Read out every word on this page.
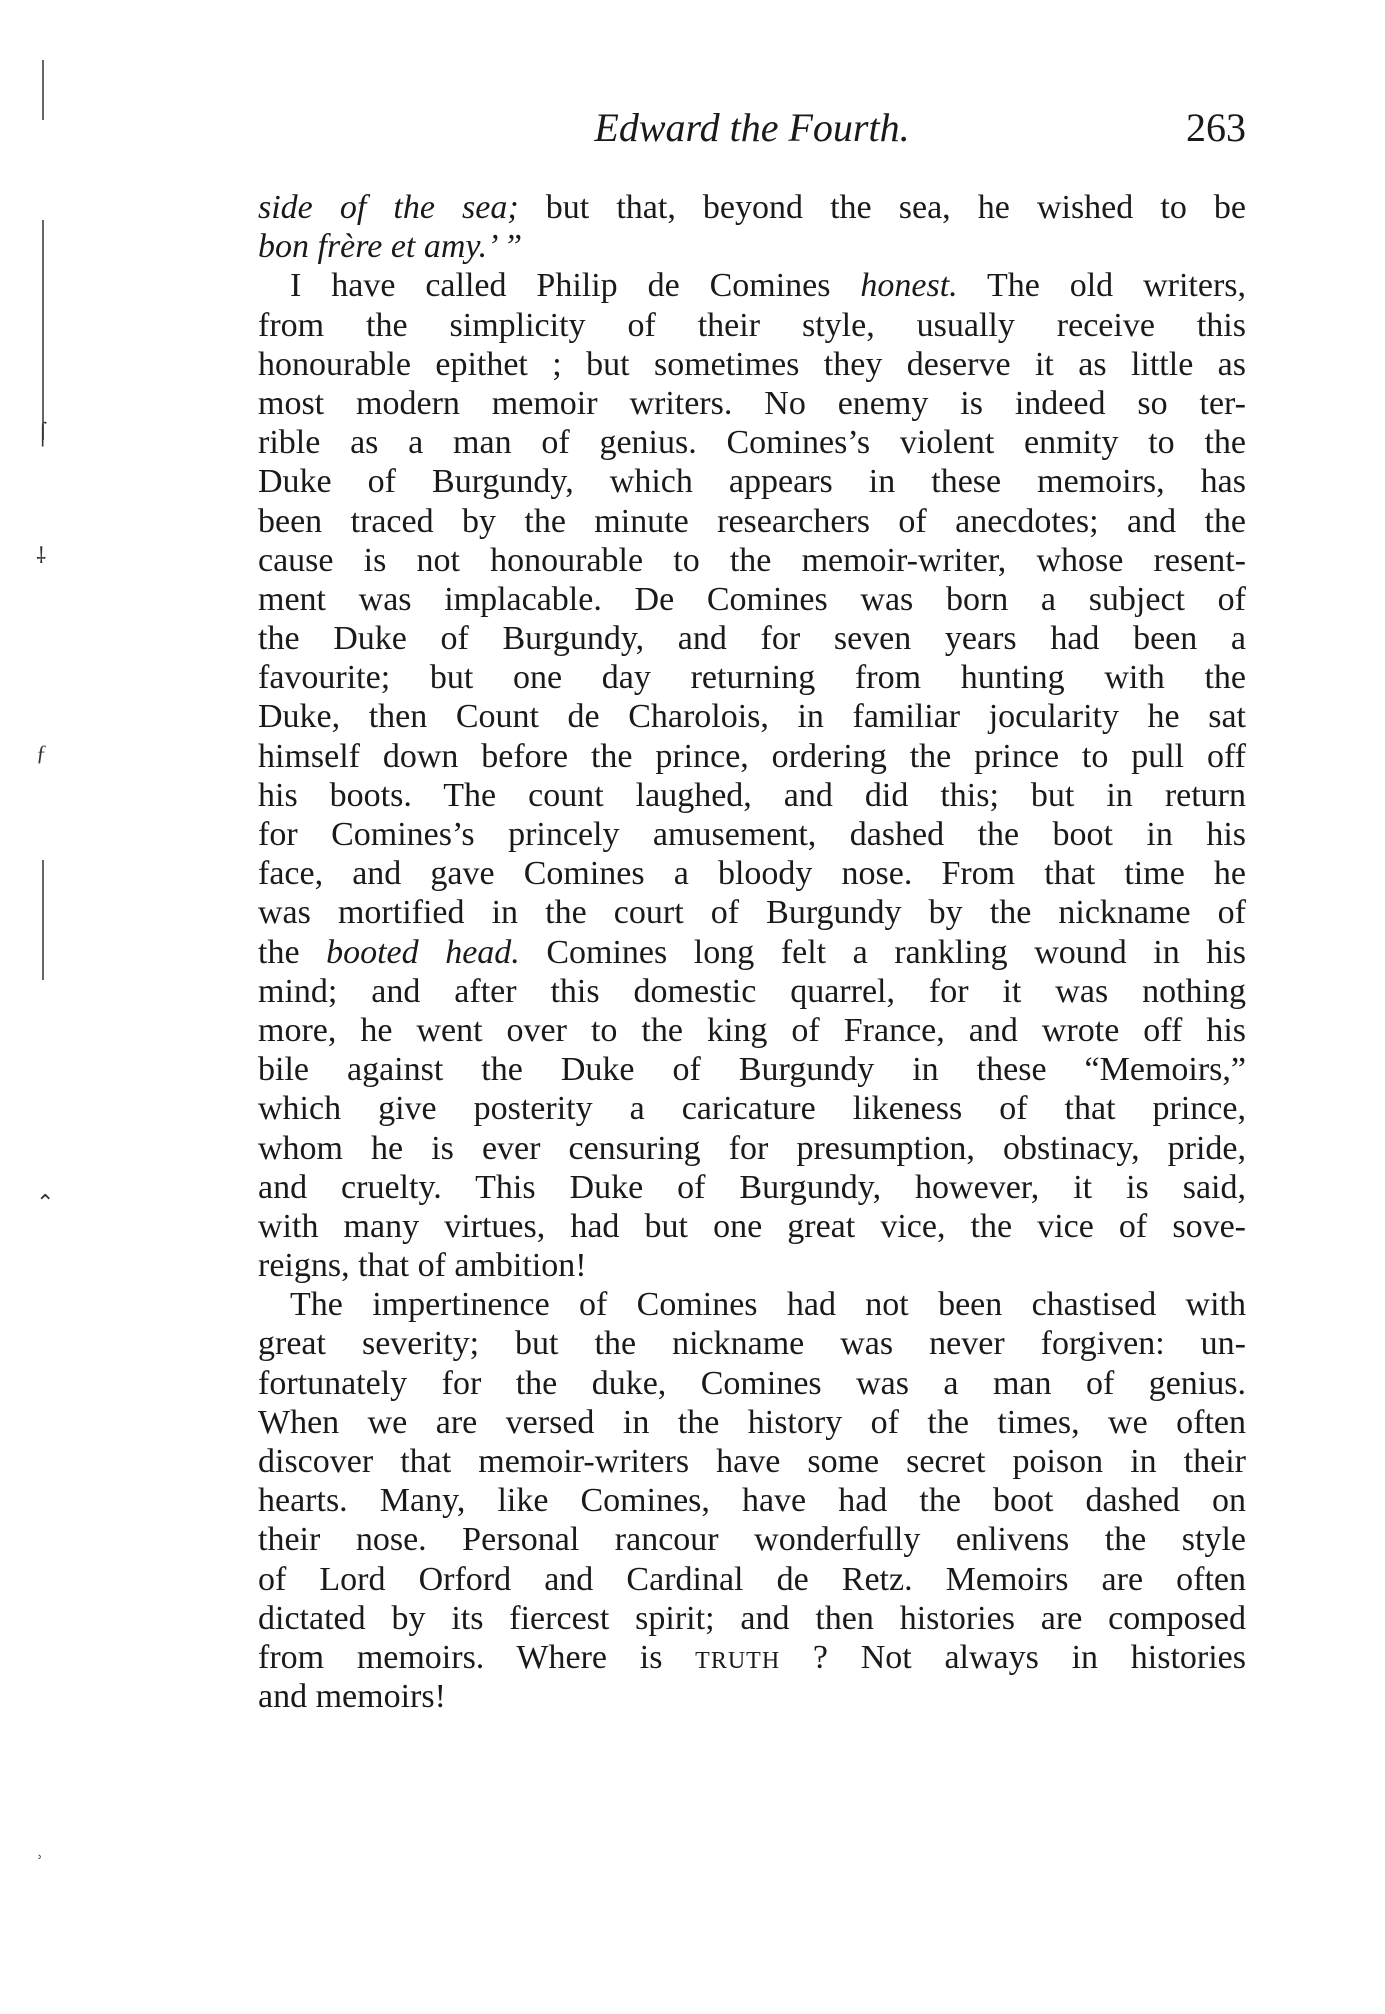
⌠
⸸
ƒ
⌃
˒
Edward the Fourth.	263
side of the sea; but that, beyond the sea, he wished to be
bon frère et amy.’ ”
I have called Philip de Comines honest. The old writers,
from the simplicity of their style, usually receive this
honourable epithet ; but sometimes they deserve it as little as
most modern memoir writers. No enemy is indeed so ter-
rible as a man of genius. Comines’s violent enmity to the
Duke of Burgundy, which appears in these memoirs, has
been traced by the minute researchers of anecdotes; and the
cause is not honourable to the memoir-writer, whose resent-
ment was implacable. De Comines was born a subject of
the Duke of Burgundy, and for seven years had been a
favourite; but one day returning from hunting with the
Duke, then Count de Charolois, in familiar jocularity he sat
himself down before the prince, ordering the prince to pull off
his boots. The count laughed, and did this; but in return
for Comines’s princely amusement, dashed the boot in his
face, and gave Comines a bloody nose. From that time he
was mortified in the court of Burgundy by the nickname of
the booted head. Comines long felt a rankling wound in his
mind; and after this domestic quarrel, for it was nothing
more, he went over to the king of France, and wrote off his
bile against the Duke of Burgundy in these “Memoirs,”
which give posterity a caricature likeness of that prince,
whom he is ever censuring for presumption, obstinacy, pride,
and cruelty. This Duke of Burgundy, however, it is said,
with many virtues, had but one great vice, the vice of sove-
reigns, that of ambition!
The impertinence of Comines had not been chastised with
great severity; but the nickname was never forgiven: un-
fortunately for the duke, Comines was a man of genius.
When we are versed in the history of the times, we often
discover that memoir-writers have some secret poison in their
hearts. Many, like Comines, have had the boot dashed on
their nose. Personal rancour wonderfully enlivens the style
of Lord Orford and Cardinal de Retz. Memoirs are often
dictated by its fiercest spirit; and then histories are composed
from memoirs. Where is truth ? Not always in histories
and memoirs!
